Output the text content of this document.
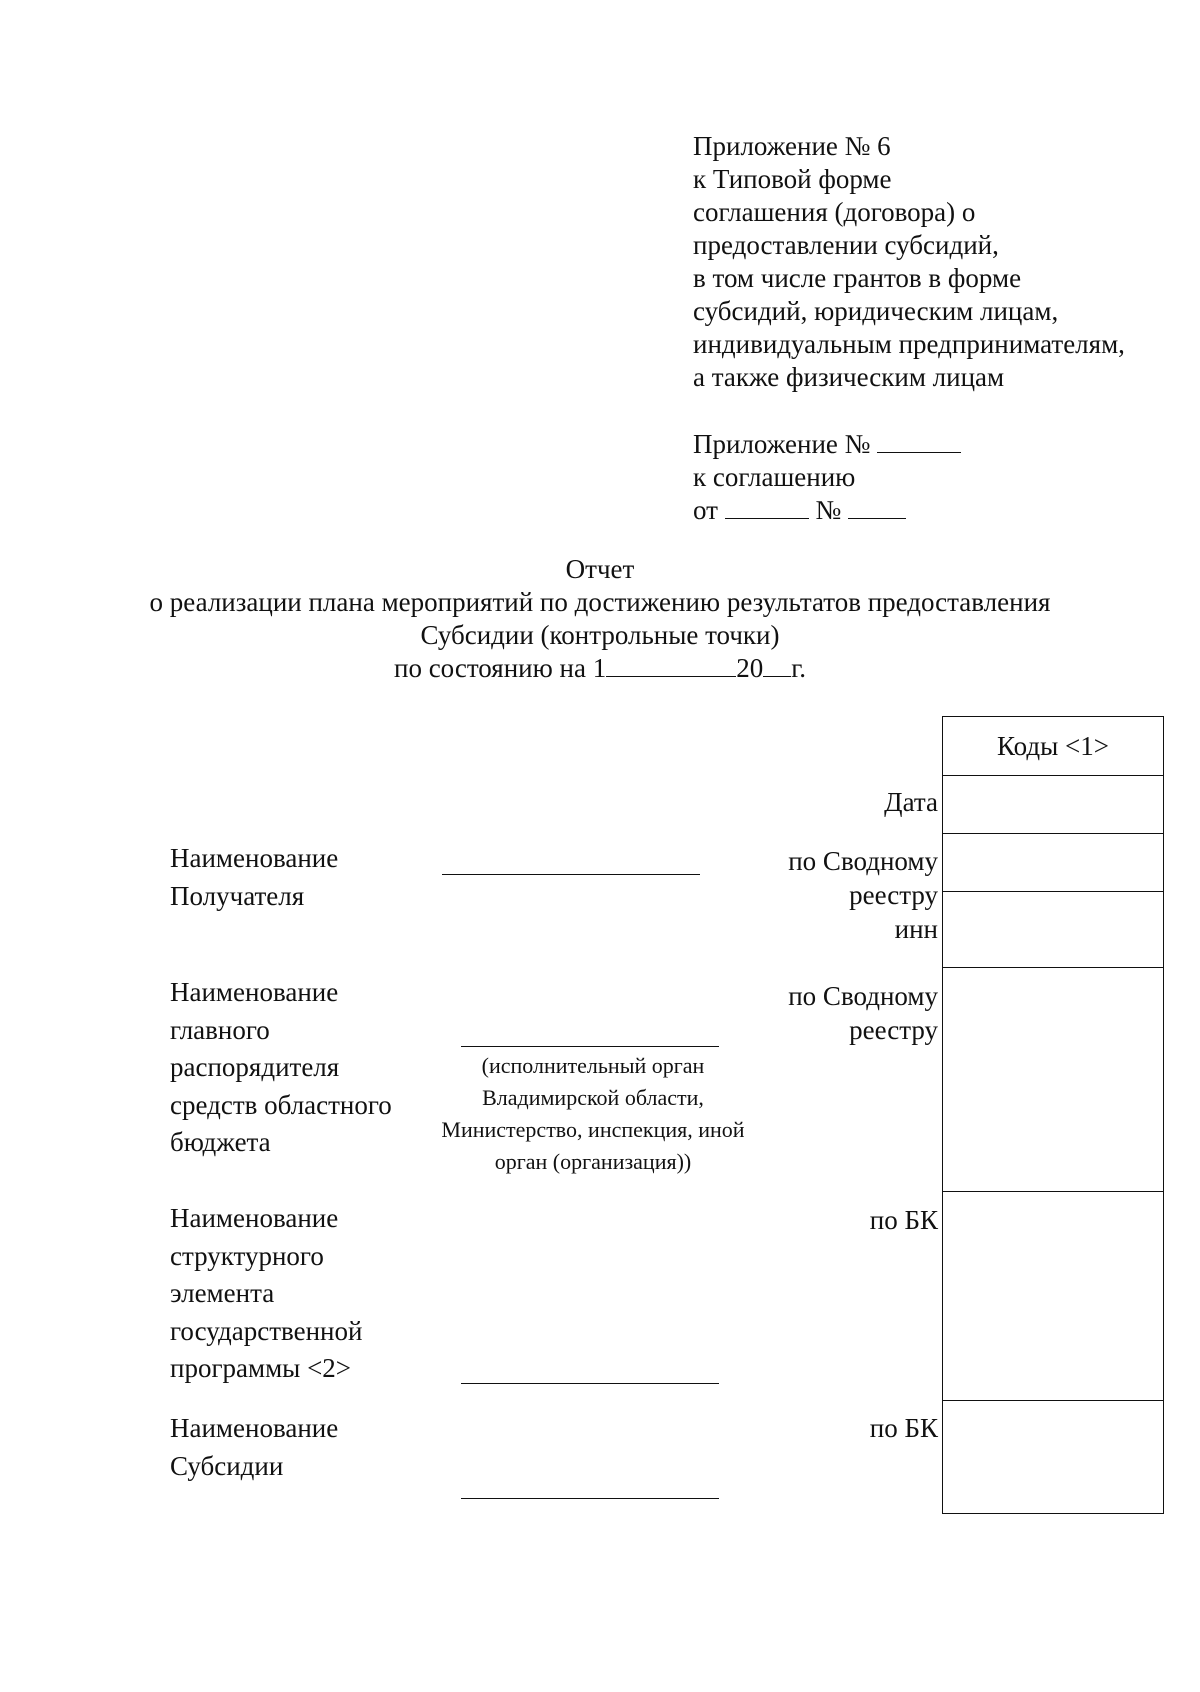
Приложение № 6
к Типовой форме
соглашения (договора) о
предоставлении субсидий,
в том числе грантов в форме
субсидий, юридическим лицам,
индивидуальным предпринимателям,
а также физическим лицам
Приложение №
к соглашению
от	№
Отчет
о реализации плана мероприятий по достижению результатов предоставления
Субсидии (контрольные точки)
по состоянию на 1	20 г.
Коды <1>
Дата
по Сводному
реестру
инн
по Сводному
реестру
по БК
по БК
Наименование
Получателя
Наименование
главного
распорядителя
средств областного
бюджета
(исполнительный орган
Владимирской области,
Министерство, инспекция, иной
орган (организация))
Наименование
структурного
элемента
государственной
программы <2>
Наименование
Субсидии
